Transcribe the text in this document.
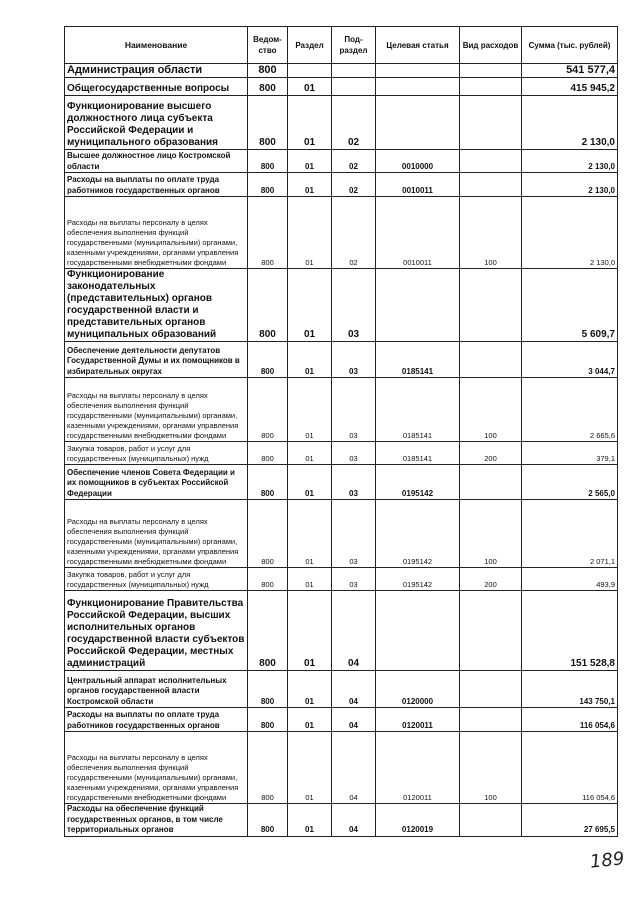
Наименование	Ведом-ство	Раздел	Под-раздел	Целевая статья	Вид расходов	Сумма (тыс. рублей)
Администрация области	800					541 577,4
Общегосударственные вопросы	800	01				415 945,2
Функционирование высшего должностного лица субъекта Российской Федерации и муниципального образования	800	01	02			2 130,0
Высшее должностное лицо Костромской области	800	01	02	0010000		2 130,0
Расходы на выплаты по оплате труда работников государственных органов	800	01	02	0010011		2 130,0
Расходы на выплаты персоналу в целях обеспечения выполнения функций государственными (муниципальными) органами, казенными учреждениями, органами управления государственными внебюджетными фондами	800	01	02	0010011	100	2 130,0
Функционирование законодательных (представительных) органов государственной власти и представительных органов муниципальных образований	800	01	03			5 609,7
Обеспечение деятельности депутатов Государственной Думы и их помощников в избирательных округах	800	01	03	0185141		3 044,7
Расходы на выплаты персоналу в целях обеспечения выполнения функций государственными (муниципальными) органами, казенными учреждениями, органами управления государственными внебюджетными фондами	800	01	03	0185141	100	2 665,6
Закупка товаров, работ и услуг для государственных (муниципальных) нужд	800	01	03	0185141	200	379,1
Обеспечение членов Совета Федерации и их помощников в субъектах Российской Федерации	800	01	03	0195142		2 565,0
Расходы на выплаты персоналу в целях обеспечения выполнения функций государственными (муниципальными) органами, казенными учреждениями, органами управления государственными внебюджетными фондами	800	01	03	0195142	100	2 071,1
Закупка товаров, работ и услуг для государственных (муниципальных) нужд	800	01	03	0195142	200	493,9
Функционирование Правительства Российской Федерации, высших исполнительных органов государственной власти субъектов Российской Федерации, местных администраций	800	01	04			151 528,8
Центральный аппарат исполнительных органов государственной власти Костромской области	800	01	04	0120000		143 750,1
Расходы на выплаты по оплате труда работников государственных органов	800	01	04	0120011		116 054,6
Расходы на выплаты персоналу в целях обеспечения выполнения функций государственными (муниципальными) органами, казенными учреждениями, органами управления государственными внебюджетными фондами	800	01	04	0120011	100	116 054,6
Расходы на обеспечение функций государственных органов, в том числе территориальных органов	800	01	04	0120019		27 695,5
189
